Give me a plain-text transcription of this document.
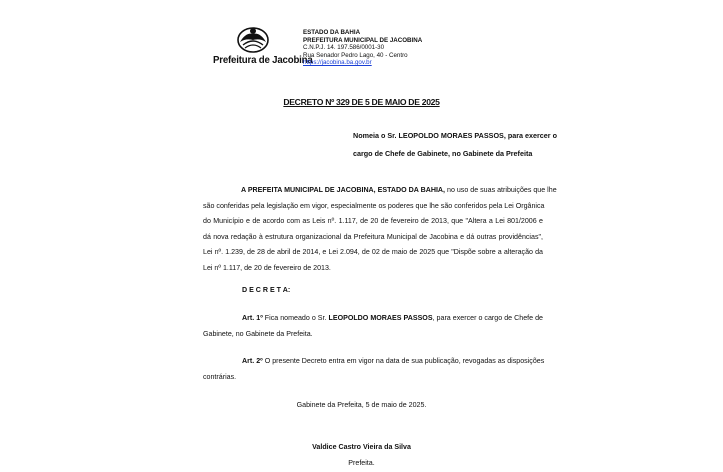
Prefeitura de Jacobina
ESTADO DA BAHIA
PREFEITURA MUNICIPAL DE JACOBINA
C.N.P.J. 14. 197.586/0001-30
Rua Senador Pedro Lago, 40 - Centro
https://jacobina.ba.gov.br
DECRETO Nº 329 DE 5 DE MAIO DE 2025
Nomeia o Sr. LEOPOLDO MORAES PASSOS, para exercer o
cargo de Chefe de Gabinete, no Gabinete da Prefeita
A PREFEITA MUNICIPAL DE JACOBINA, ESTADO DA BAHIA, no uso de suas atribuições que lhe
são conferidas pela legislação em vigor, especialmente os poderes que lhe são conferidos pela Lei Orgânica
do Município e de acordo com as Leis nº. 1.117, de 20 de fevereiro de 2013, que "Altera a Lei 801/2006 e
dá nova redação à estrutura organizacional da Prefeitura Municipal de Jacobina e dá outras providências",
Lei nº. 1.239, de 28 de abril de 2014, e Lei 2.094, de 02 de maio de 2025 que "Dispõe sobre a alteração da
Lei nº 1.117, de 20 de fevereiro de 2013.
D E C R E T A:
Art. 1º Fica nomeado o Sr. LEOPOLDO MORAES PASSOS, para exercer o cargo de Chefe de
Gabinete, no Gabinete da Prefeita.
Art. 2º O presente Decreto entra em vigor na data de sua publicação, revogadas as disposições
contrárias.
Gabinete da Prefeita, 5 de maio de 2025.
Valdice Castro Vieira da Silva
Prefeita.
